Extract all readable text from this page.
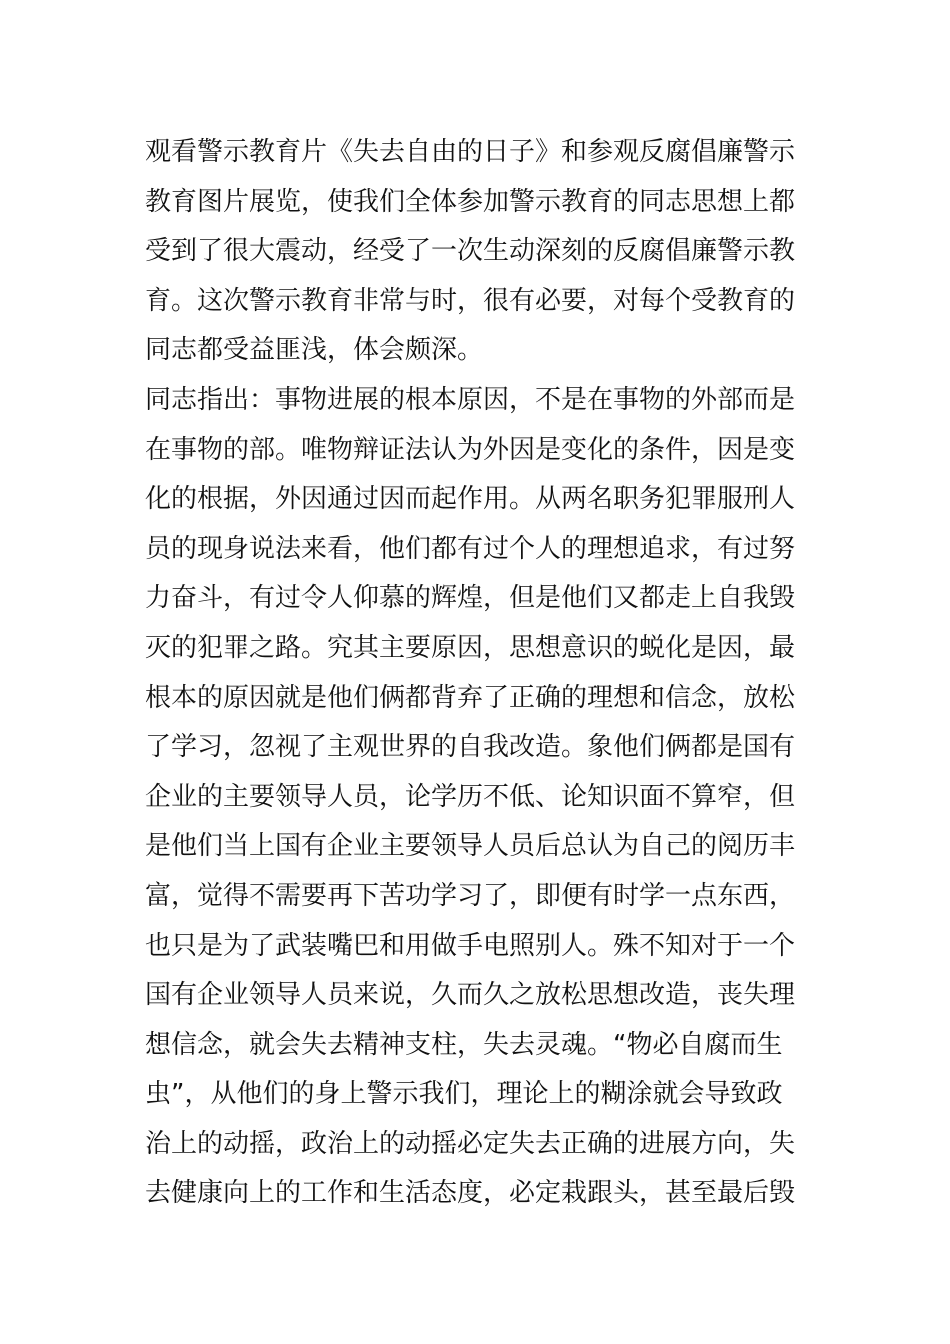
观看警示教育片《失去自由的日子》和参观反腐倡廉警示
教育图片展览，使我们全体参加警示教育的同志思想上都
受到了很大震动，经受了一次生动深刻的反腐倡廉警示教
育。这次警示教育非常与时，很有必要，对每个受教育的
同志都受益匪浅，体会颇深。
同志指出：事物进展的根本原因，不是在事物的外部而是
在事物的部。唯物辩证法认为外因是变化的条件，因是变
化的根据，外因通过因而起作用。从两名职务犯罪服刑人
员的现身说法来看，他们都有过个人的理想追求，有过努
力奋斗，有过令人仰慕的辉煌，但是他们又都走上自我毁
灭的犯罪之路。究其主要原因，思想意识的蜕化是因，最
根本的原因就是他们俩都背弃了正确的理想和信念，放松
了学习，忽视了主观世界的自我改造。象他们俩都是国有
企业的主要领导人员，论学历不低、论知识面不算窄，但
是他们当上国有企业主要领导人员后总认为自己的阅历丰
富，觉得不需要再下苦功学习了，即便有时学一点东西，
也只是为了武装嘴巴和用做手电照别人。殊不知对于一个
国有企业领导人员来说，久而久之放松思想改造，丧失理
想信念，就会失去精神支柱，失去灵魂。“物必自腐而生
虫”，从他们的身上警示我们，理论上的糊涂就会导致政
治上的动摇，政治上的动摇必定失去正确的进展方向，失
去健康向上的工作和生活态度，必定栽跟头，甚至最后毁
